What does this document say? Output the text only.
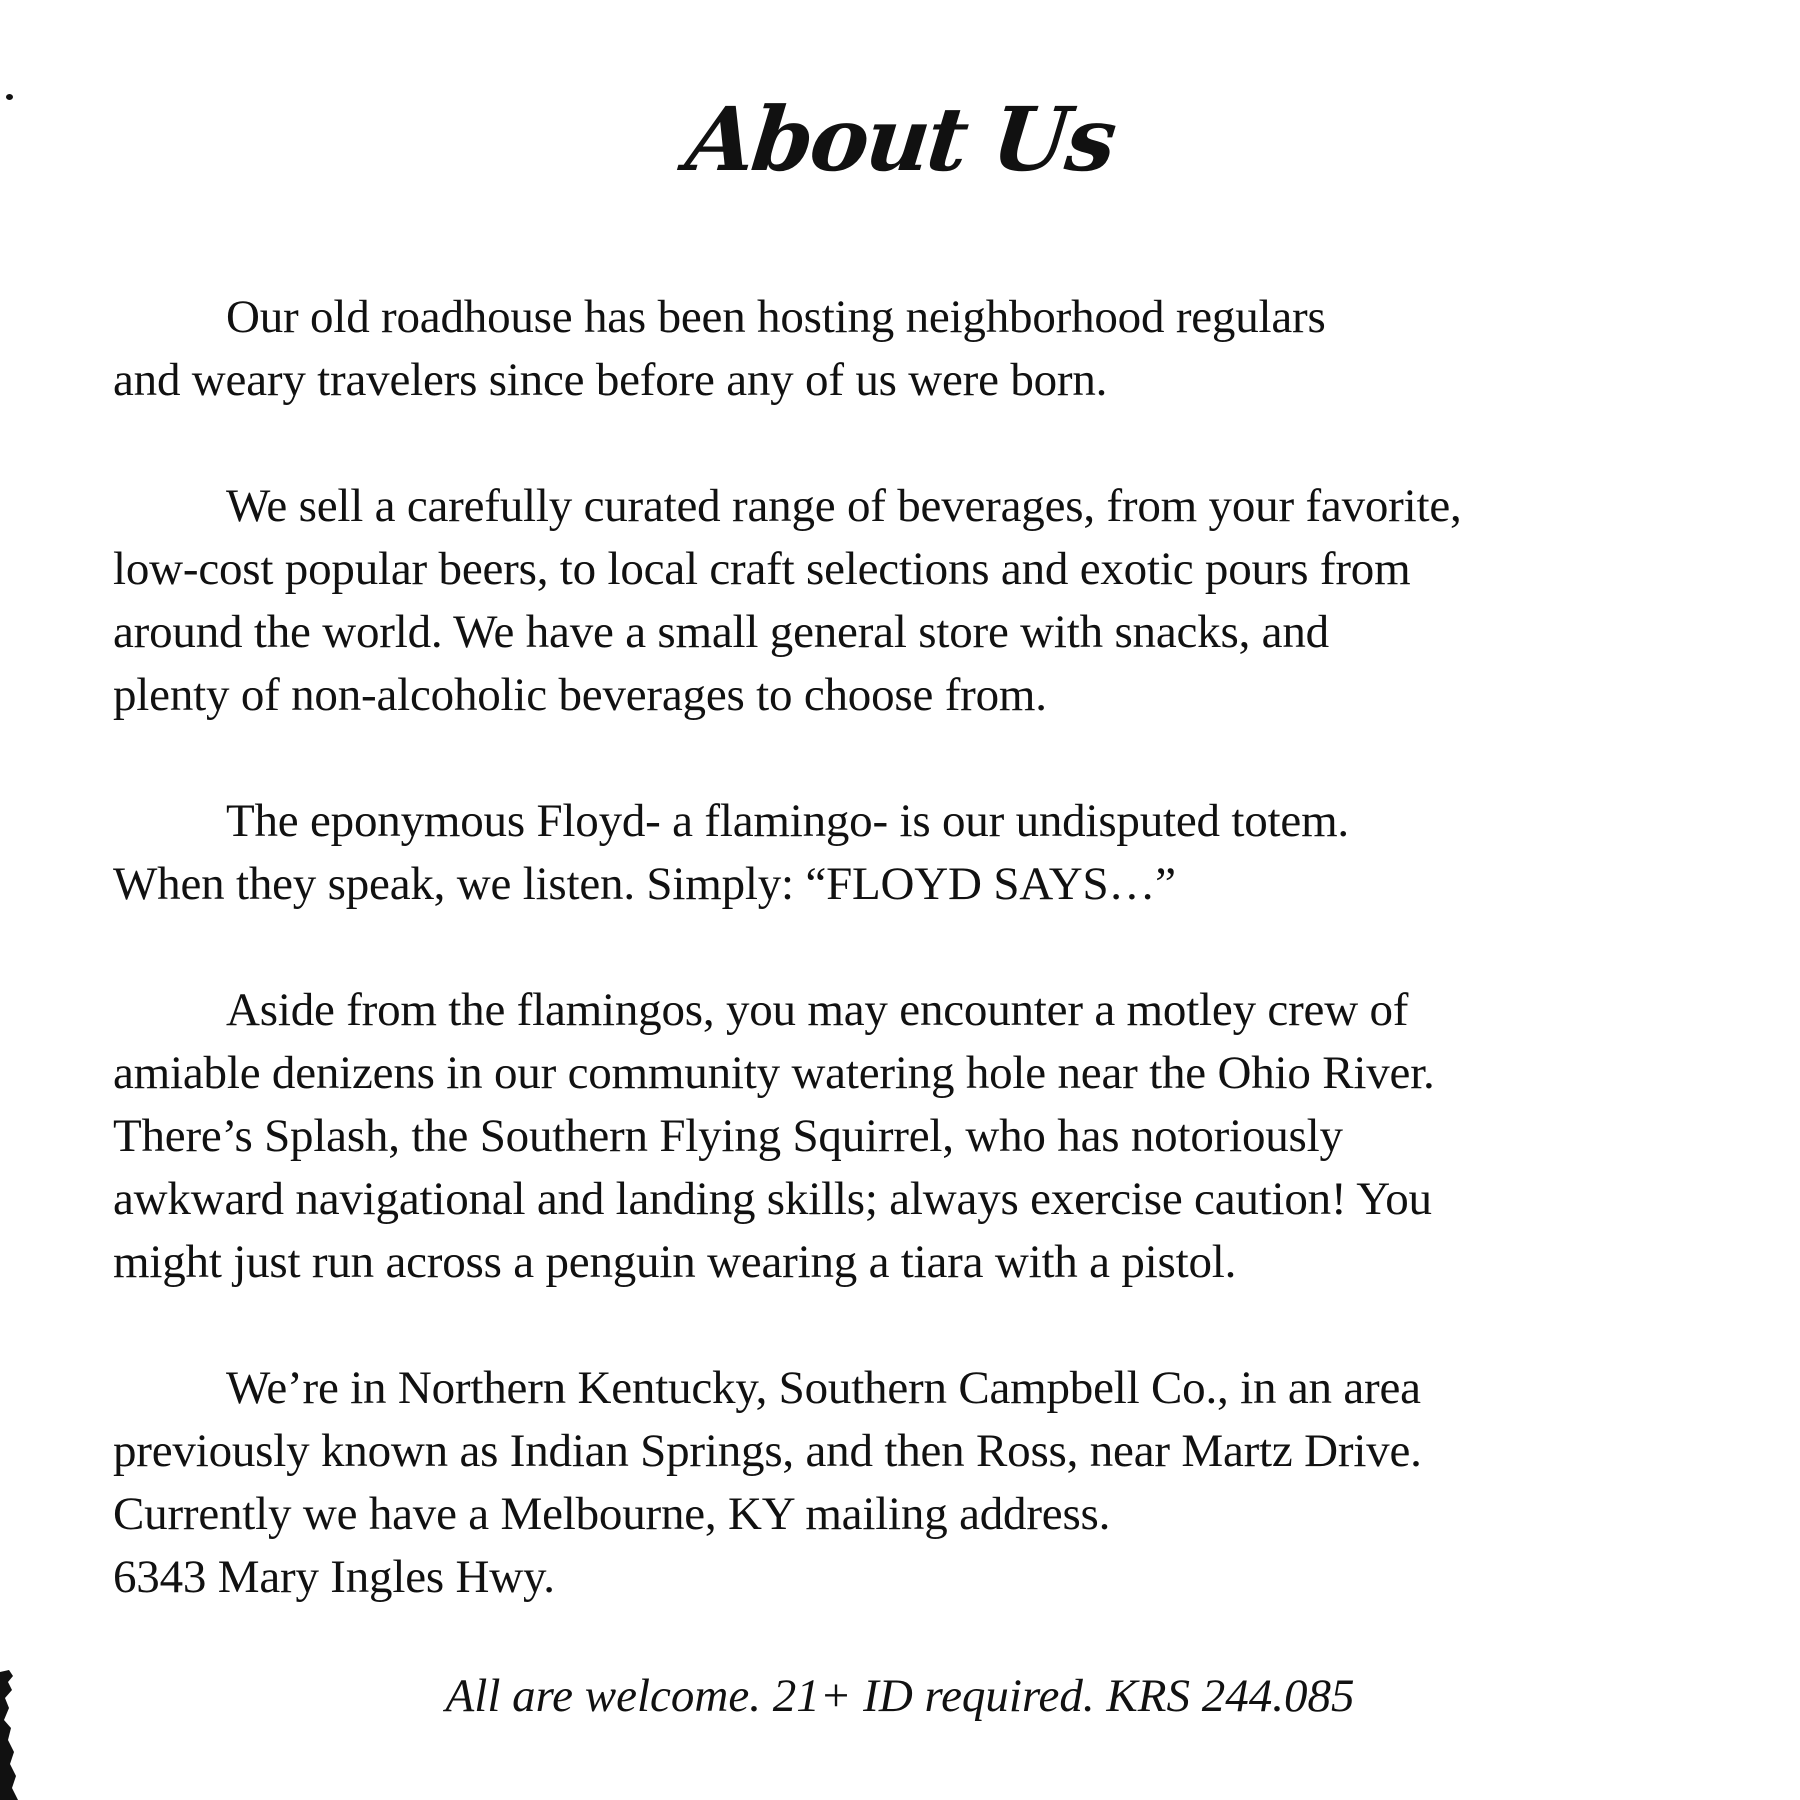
About Us

Our old roadhouse has been hosting neighborhood regulars
and weary travelers since before any of us were born.

We sell a carefully curated range of beverages, from your favorite,
low-cost popular beers, to local craft selections and exotic pours from
around the world. We have a small general store with snacks, and
plenty of non-alcoholic beverages to choose from.

The eponymous Floyd- a flamingo- is our undisputed totem.
When they speak, we listen. Simply: “FLOYD SAYS…”

Aside from the flamingos, you may encounter a motley crew of
amiable denizens in our community watering hole near the Ohio River.
There’s Splash, the Southern Flying Squirrel, who has notoriously
awkward navigational and landing skills; always exercise caution! You
might just run across a penguin wearing a tiara with a pistol.

We’re in Northern Kentucky, Southern Campbell Co., in an area
previously known as Indian Springs, and then Ross, near Martz Drive.
Currently we have a Melbourne, KY mailing address.
6343 Mary Ingles Hwy.

All are welcome. 21+ ID required. KRS 244.085
